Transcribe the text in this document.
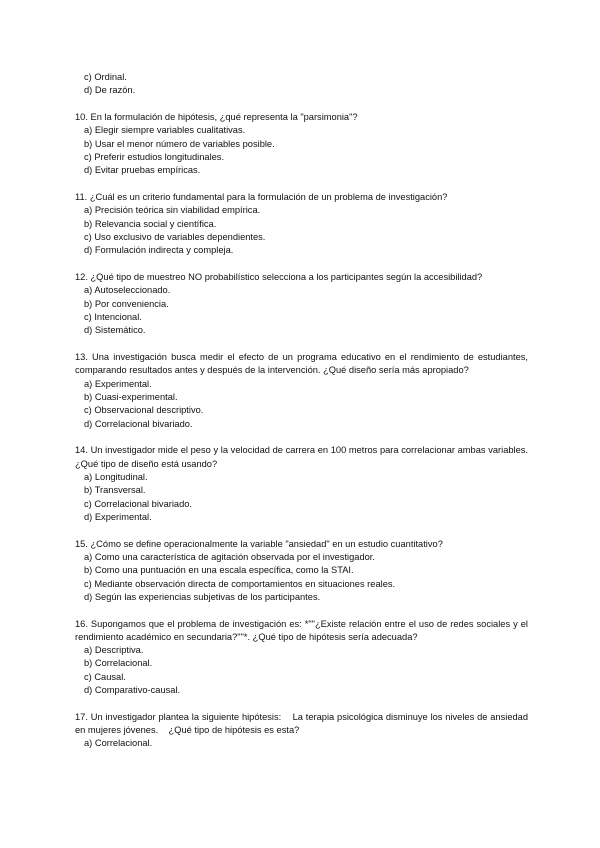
c) Ordinal.

d) De razón.

10. En la formulación de hipótesis, ¿qué representa la "parsimonia"?

a) Elegir siempre variables cualitativas.

b) Usar el menor número de variables posible.

c) Preferir estudios longitudinales.

d) Evitar pruebas empíricas.

11. ¿Cuál es un criterio fundamental para la formulación de un problema de investigación?

a) Precisión teórica sin viabilidad empírica.

b) Relevancia social y científica.

c) Uso exclusivo de variables dependientes.

d) Formulación indirecta y compleja.

12. ¿Qué tipo de muestreo NO probabilístico selecciona a los participantes según la accesibilidad?

a) Autoseleccionado.

b) Por conveniencia.

c) Intencional.

d) Sistemático.

13. Una investigación busca medir el efecto de un programa educativo en el rendimiento de estudiantes, comparando resultados antes y después de la intervención. ¿Qué diseño sería más apropiado?

a) Experimental.

b) Cuasi-experimental.

c) Observacional descriptivo.

d) Correlacional bivariado.

14. Un investigador mide el peso y la velocidad de carrera en 100 metros para correlacionar ambas variables. ¿Qué tipo de diseño está usando?

a) Longitudinal.

b) Transversal.

c) Correlacional bivariado.

d) Experimental.

15. ¿Cómo se define operacionalmente la variable "ansiedad" en un estudio cuantitativo?

a) Como una característica de agitación observada por el investigador.

b) Como una puntuación en una escala específica, como la STAI.

c) Mediante observación directa de comportamientos en situaciones reales.

d) Según las experiencias subjetivas de los participantes.

16. Supongamos que el problema de investigación es: *""¿Existe relación entre el uso de redes sociales y el rendimiento académico en secundaria?""*. ¿Qué tipo de hipótesis sería adecuada?

a) Descriptiva.

b) Correlacional.

c) Causal.

d) Comparativo-causal.

17. Un investigador plantea la siguiente hipótesis:    La terapia psicológica disminuye los niveles de ansiedad en mujeres jóvenes.    ¿Qué tipo de hipótesis es esta?

a) Correlacional.
